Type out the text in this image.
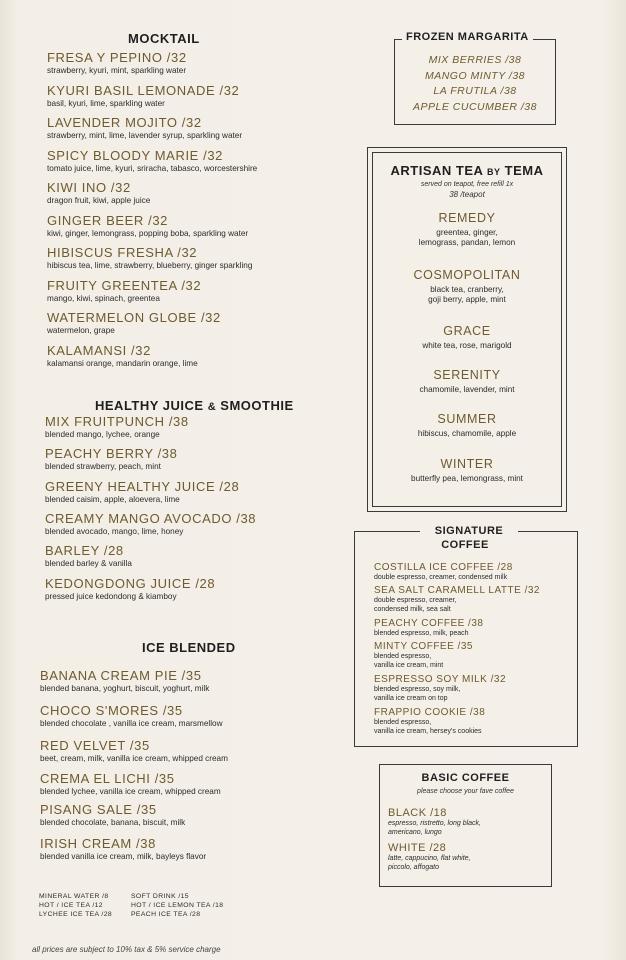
MOCKTAIL
FRESA Y PEPINO /32
strawberry, kyuri, mint, sparkling water
KYURI BASIL LEMONADE /32
basil, kyuri, lime, sparkling water
LAVENDER MOJITO /32
strawberry, mint, lime, lavender syrup, sparkling water
SPICY BLOODY MARIE /32
tomato juice, lime, kyuri, sriracha, tabasco, worcestershire
KIWI INO /32
dragon fruit, kiwi, apple juice
GINGER BEER /32
kiwi, ginger, lemongrass, popping boba, sparkling water
HIBISCUS FRESHA /32
hibiscus tea, lime, strawberry, blueberry, ginger sparkling
FRUITY GREENTEA /32
mango, kiwi, spinach, greentea
WATERMELON GLOBE /32
watermelon, grape
KALAMANSI /32
kalamansi orange, mandarin orange, lime
HEALTHY JUICE & SMOOTHIE
MIX FRUITPUNCH /38
blended mango, lychee, orange
PEACHY BERRY /38
blended strawberry, peach, mint
GREENY HEALTHY JUICE /28
blended caisim, apple, aloevera, lime
CREAMY MANGO AVOCADO /38
blended avocado, mango, lime, honey
BARLEY /28
blended barley & vanilla
KEDONGDONG JUICE /28
pressed juice kedondong & kiamboy
ICE BLENDED
BANANA CREAM PIE /35
blended banana, yoghurt, biscuit, yoghurt, milk
CHOCO S'MORES /35
blended chocolate , vanilla ice cream, marsmellow
RED VELVET /35
beet, cream, milk, vanilla ice cream, whipped cream
CREMA EL LICHI /35
blended lychee, vanilla ice cream, whipped cream
PISANG SALE /35
blended chocolate, banana, biscuit, milk
IRISH CREAM /38
blended vanilla ice cream, milk, bayleys flavor
MINERAL WATER /8	SOFT DRINK /15
HOT / ICE TEA /12	HOT / ICE LEMON TEA /18
LYCHEE ICE TEA /28	PEACH ICE TEA /28
all prices are subject to 10% tax & 5% service charge
FROZEN MARGARITA
MIX BERRIES /38
MANGO MINTY /38
LA FRUTILA /38
APPLE CUCUMBER /38
ARTISAN TEA BY TEMA
served on teapot, free refill 1x
38 /teapot
REMEDY
greentea, ginger,
lemograss, pandan, lemon
COSMOPOLITAN
black tea, cranberry,
goji berry, apple, mint
GRACE
white tea, rose, marigold
SERENITY
chamomile, lavender, mint
SUMMER
hibiscus, chamomile, apple
WINTER
butterfly pea, lemongrass, mint
SIGNATURE
COFFEE
COSTILLA ICE COFFEE /28
double espresso, creamer, condensed milk
SEA SALT CARAMELL LATTE /32
double espresso, creamer,
condensed milk, sea salt
PEACHY COFFEE /38
blended espresso, milk, peach
MINTY COFFEE /35
blended espresso,
vanilla ice cream, mint
ESPRESSO SOY MILK /32
blended espresso, soy milk,
vanilla ice cream on top
FRAPPIO COOKIE /38
blended espresso,
vanilla ice cream, hersey's cookies
BASIC COFFEE
please choose your fave coffee
BLACK /18
espresso, ristretto, long black,
americano, lungo
WHITE /28
latte, cappucino, flat white,
piccolo, affogato
